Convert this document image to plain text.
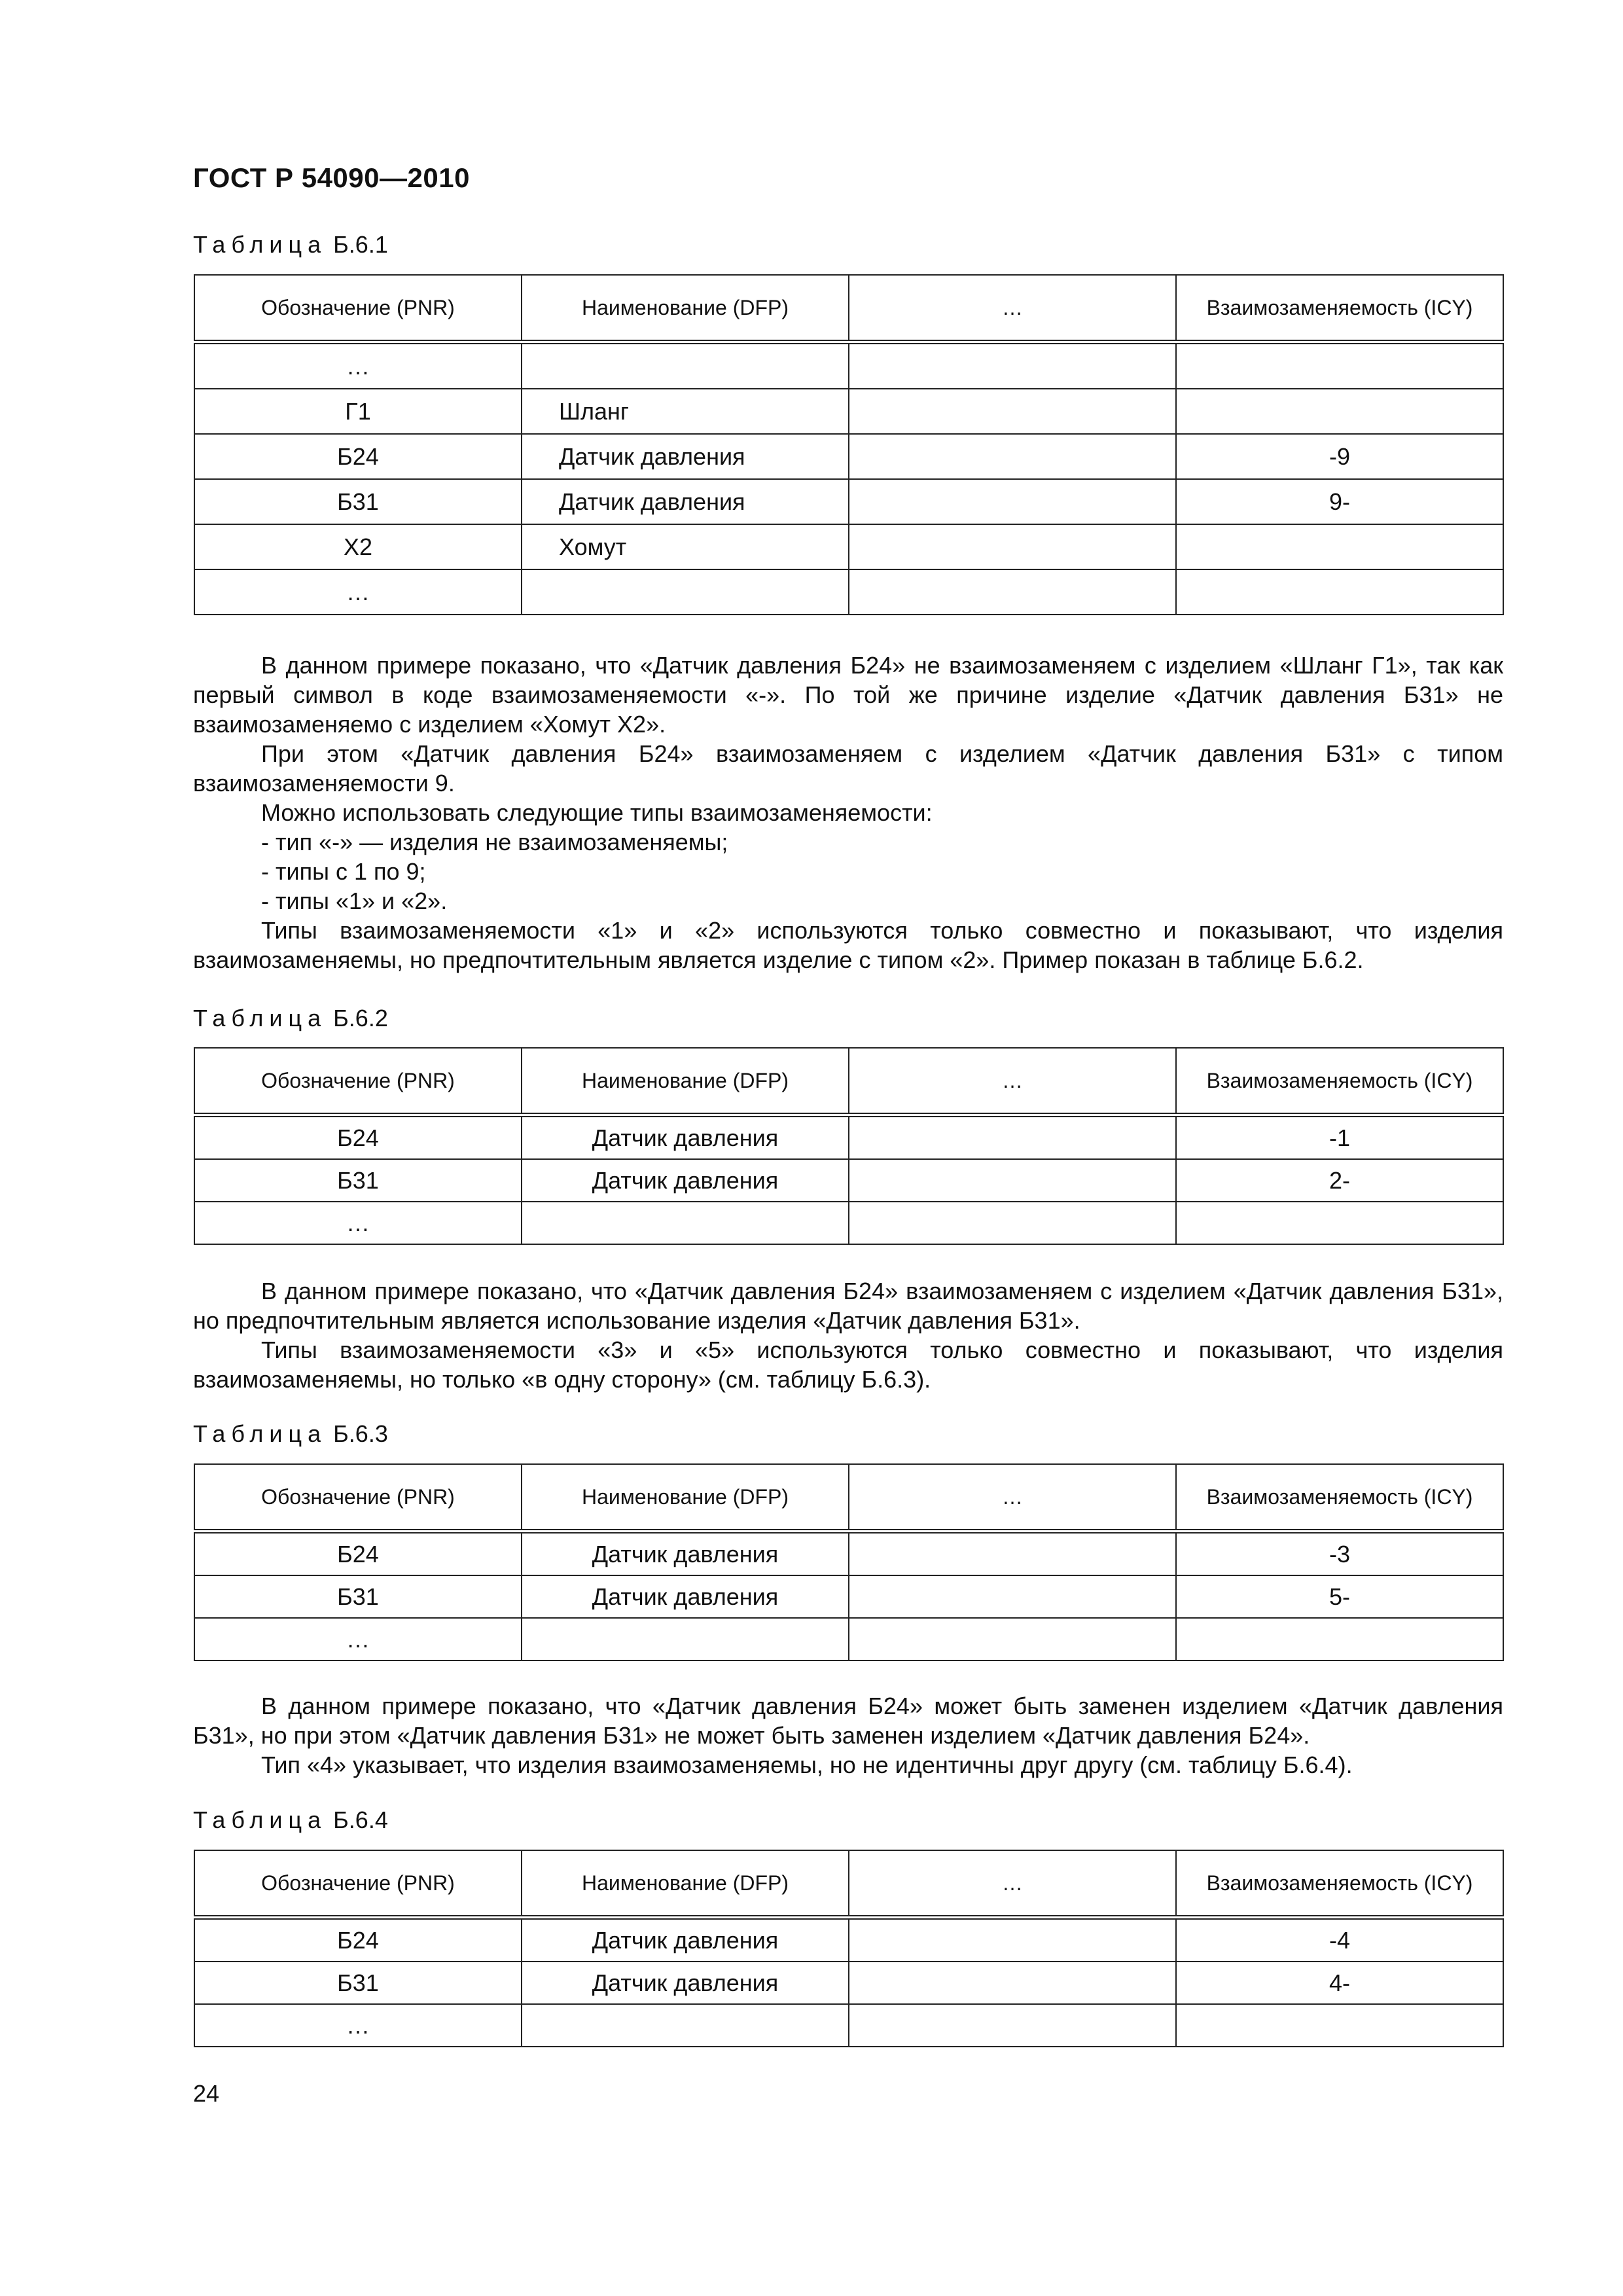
ГОСТ Р 54090—2010
Таблица Б.6.1
Обозначение (PNR)	Наименование (DFP)	…	Взаимозаменяемость (ICY)
…			
Г1	Шланг		
Б24	Датчик давления		-9
Б31	Датчик давления		9-
Х2	Хомут		
…			

В данном примере показано, что «Датчик давления Б24» не взаимозаменяем с изделием «Шланг Г1», так как первый символ в коде взаимозаменяемости «-». По той же причине изделие «Датчик давления Б31» не взаимозаменяемо с изделием «Хомут Х2».

При этом «Датчик давления Б24» взаимозаменяем с изделием «Датчик давления Б31» с типом взаимозаменяемости 9.

Можно использовать следующие типы взаимозаменяемости:

- тип «-» — изделия не взаимозаменяемы;

- типы с 1 по 9;

- типы «1» и «2».

Типы взаимозаменяемости «1» и «2» используются только совместно и показывают, что изделия взаимозаменяемы, но предпочтительным является изделие с типом «2». Пример показан в таблице Б.6.2.

Таблица Б.6.2
Обозначение (PNR)	Наименование (DFP)	…	Взаимозаменяемость (ICY)
Б24	Датчик давления		-1
Б31	Датчик давления		2-
…			

В данном примере показано, что «Датчик давления Б24» взаимозаменяем с изделием «Датчик давления Б31», но предпочтительным является использование изделия «Датчик давления Б31».

Типы взаимозаменяемости «3» и «5» используются только совместно и показывают, что изделия взаимозаменяемы, но только «в одну сторону» (см. таблицу Б.6.3).

Таблица Б.6.3
Обозначение (PNR)	Наименование (DFP)	…	Взаимозаменяемость (ICY)
Б24	Датчик давления		-3
Б31	Датчик давления		5-
…			

В данном примере показано, что «Датчик давления Б24» может быть заменен изделием «Датчик давления Б31», но при этом «Датчик давления Б31» не может быть заменен изделием «Датчик давления Б24».

Тип «4» указывает, что изделия взаимозаменяемы, но не идентичны друг другу (см. таблицу Б.6.4).

Таблица Б.6.4
Обозначение (PNR)	Наименование (DFP)	…	Взаимозаменяемость (ICY)
Б24	Датчик давления		-4
Б31	Датчик давления		4-
…			
24
